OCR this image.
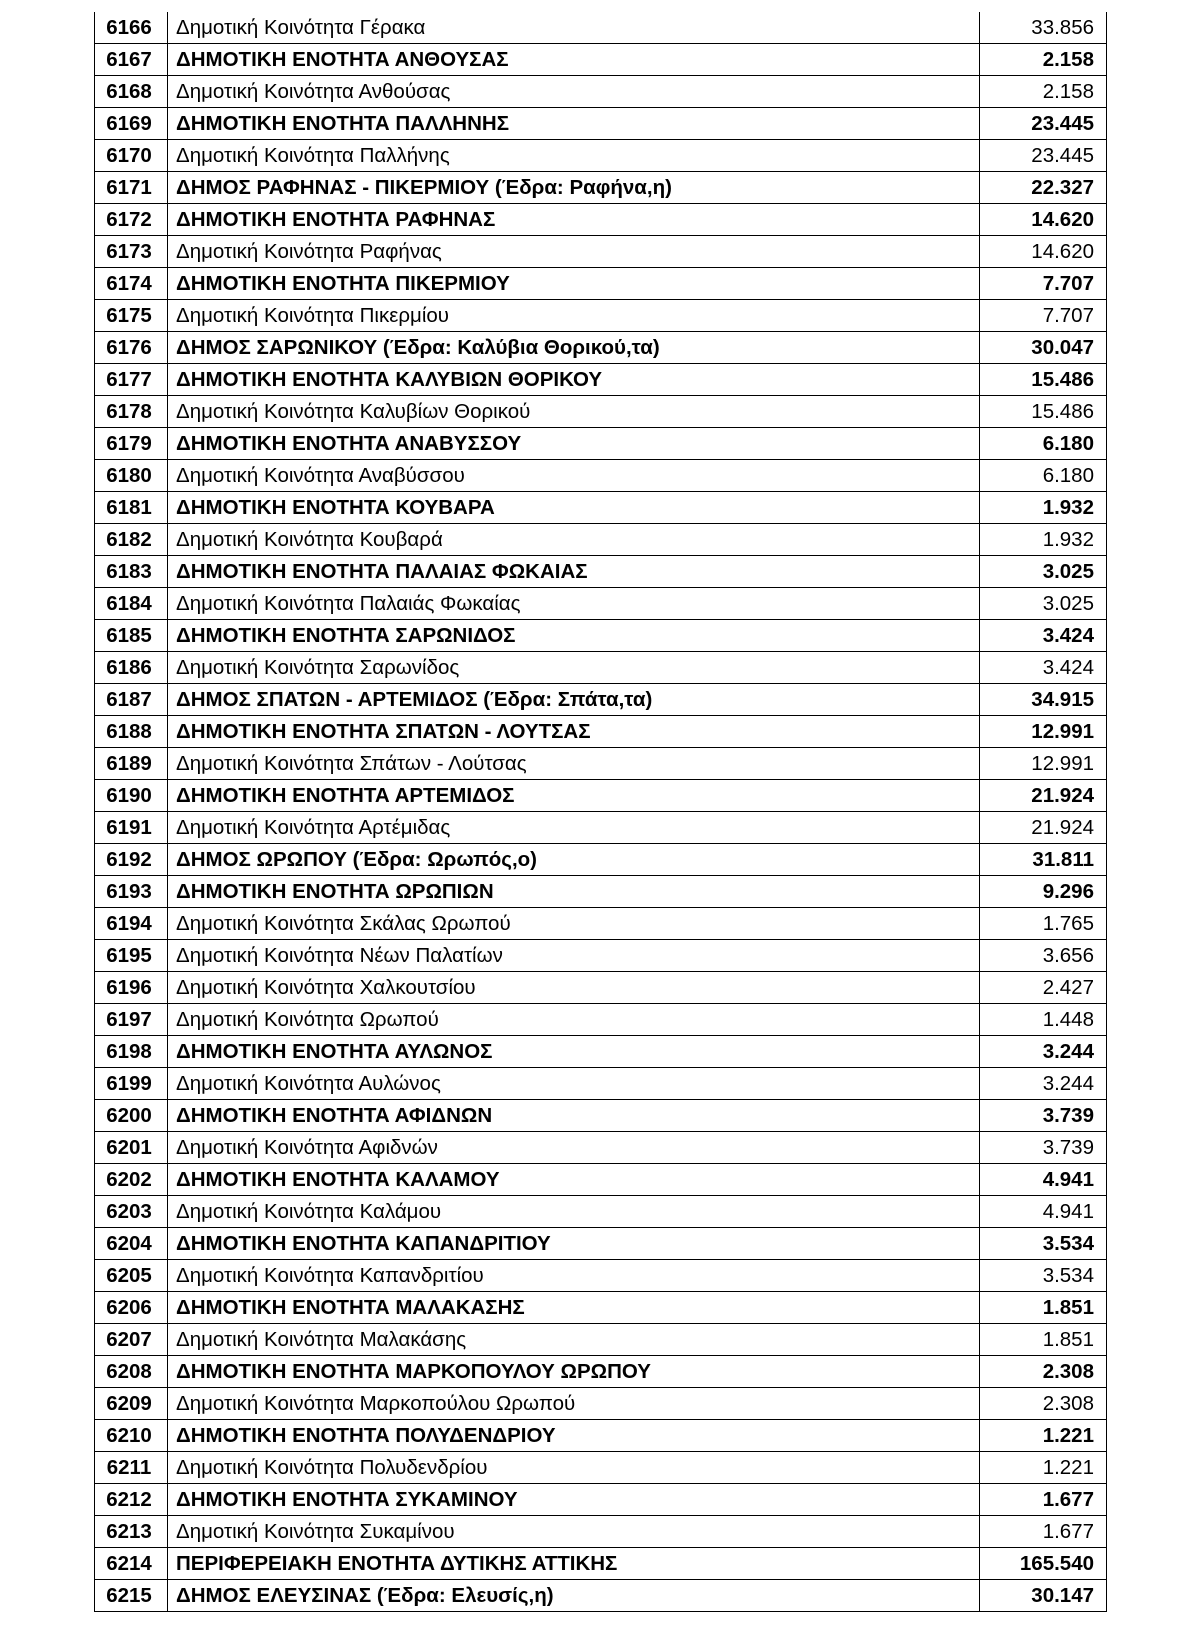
6166	Δημοτική Κοινότητα Γέρακα	33.856
6167	ΔΗΜΟΤΙΚΗ ΕΝΟΤΗΤΑ ΑΝΘΟΥΣΑΣ	2.158
6168	Δημοτική Κοινότητα Ανθούσας	2.158
6169	ΔΗΜΟΤΙΚΗ ΕΝΟΤΗΤΑ ΠΑΛΛΗΝΗΣ	23.445
6170	Δημοτική Κοινότητα Παλλήνης	23.445
6171	ΔΗΜΟΣ ΡΑΦΗΝΑΣ - ΠΙΚΕΡΜΙΟΥ (Έδρα: Ραφήνα,η)	22.327
6172	ΔΗΜΟΤΙΚΗ ΕΝΟΤΗΤΑ ΡΑΦΗΝΑΣ	14.620
6173	Δημοτική Κοινότητα Ραφήνας	14.620
6174	ΔΗΜΟΤΙΚΗ ΕΝΟΤΗΤΑ ΠΙΚΕΡΜΙΟΥ	7.707
6175	Δημοτική Κοινότητα Πικερμίου	7.707
6176	ΔΗΜΟΣ ΣΑΡΩΝΙΚΟΥ (Έδρα: Καλύβια Θορικού,τα)	30.047
6177	ΔΗΜΟΤΙΚΗ ΕΝΟΤΗΤΑ ΚΑΛΥΒΙΩΝ ΘΟΡΙΚΟΥ	15.486
6178	Δημοτική Κοινότητα Καλυβίων Θορικού	15.486
6179	ΔΗΜΟΤΙΚΗ ΕΝΟΤΗΤΑ ΑΝΑΒΥΣΣΟΥ	6.180
6180	Δημοτική Κοινότητα Αναβύσσου	6.180
6181	ΔΗΜΟΤΙΚΗ ΕΝΟΤΗΤΑ ΚΟΥΒΑΡΑ	1.932
6182	Δημοτική Κοινότητα Κουβαρά	1.932
6183	ΔΗΜΟΤΙΚΗ ΕΝΟΤΗΤΑ ΠΑΛΑΙΑΣ ΦΩΚΑΙΑΣ	3.025
6184	Δημοτική Κοινότητα Παλαιάς Φωκαίας	3.025
6185	ΔΗΜΟΤΙΚΗ ΕΝΟΤΗΤΑ ΣΑΡΩΝΙΔΟΣ	3.424
6186	Δημοτική Κοινότητα Σαρωνίδος	3.424
6187	ΔΗΜΟΣ ΣΠΑΤΩΝ - ΑΡΤΕΜΙΔΟΣ (Έδρα: Σπάτα,τα)	34.915
6188	ΔΗΜΟΤΙΚΗ ΕΝΟΤΗΤΑ ΣΠΑΤΩΝ - ΛΟΥΤΣΑΣ	12.991
6189	Δημοτική Κοινότητα Σπάτων - Λούτσας	12.991
6190	ΔΗΜΟΤΙΚΗ ΕΝΟΤΗΤΑ ΑΡΤΕΜΙΔΟΣ	21.924
6191	Δημοτική Κοινότητα Αρτέμιδας	21.924
6192	ΔΗΜΟΣ ΩΡΩΠΟΥ (Έδρα: Ωρωπός,ο)	31.811
6193	ΔΗΜΟΤΙΚΗ ΕΝΟΤΗΤΑ ΩΡΩΠΙΩΝ	9.296
6194	Δημοτική Κοινότητα Σκάλας Ωρωπού	1.765
6195	Δημοτική Κοινότητα Νέων Παλατίων	3.656
6196	Δημοτική Κοινότητα Χαλκουτσίου	2.427
6197	Δημοτική Κοινότητα Ωρωπού	1.448
6198	ΔΗΜΟΤΙΚΗ ΕΝΟΤΗΤΑ ΑΥΛΩΝΟΣ	3.244
6199	Δημοτική Κοινότητα Αυλώνος	3.244
6200	ΔΗΜΟΤΙΚΗ ΕΝΟΤΗΤΑ ΑΦΙΔΝΩΝ	3.739
6201	Δημοτική Κοινότητα Αφιδνών	3.739
6202	ΔΗΜΟΤΙΚΗ ΕΝΟΤΗΤΑ ΚΑΛΑΜΟΥ	4.941
6203	Δημοτική Κοινότητα Καλάμου	4.941
6204	ΔΗΜΟΤΙΚΗ ΕΝΟΤΗΤΑ ΚΑΠΑΝΔΡΙΤΙΟΥ	3.534
6205	Δημοτική Κοινότητα Καπανδριτίου	3.534
6206	ΔΗΜΟΤΙΚΗ ΕΝΟΤΗΤΑ ΜΑΛΑΚΑΣΗΣ	1.851
6207	Δημοτική Κοινότητα Μαλακάσης	1.851
6208	ΔΗΜΟΤΙΚΗ ΕΝΟΤΗΤΑ ΜΑΡΚΟΠΟΥΛΟΥ ΩΡΩΠΟΥ	2.308
6209	Δημοτική Κοινότητα Μαρκοπούλου Ωρωπού	2.308
6210	ΔΗΜΟΤΙΚΗ ΕΝΟΤΗΤΑ ΠΟΛΥΔΕΝΔΡΙΟΥ	1.221
6211	Δημοτική Κοινότητα Πολυδενδρίου	1.221
6212	ΔΗΜΟΤΙΚΗ ΕΝΟΤΗΤΑ ΣΥΚΑΜΙΝΟΥ	1.677
6213	Δημοτική Κοινότητα Συκαμίνου	1.677
6214	ΠΕΡΙΦΕΡΕΙΑΚΗ ΕΝΟΤΗΤΑ ΔΥΤΙΚΗΣ ΑΤΤΙΚΗΣ	165.540
6215	ΔΗΜΟΣ ΕΛΕΥΣΙΝΑΣ (Έδρα: Ελευσίς,η)	30.147
